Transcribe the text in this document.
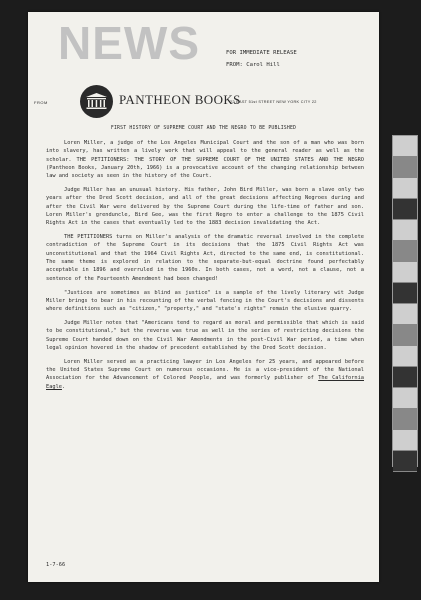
NEWS	FOR IMMEDIATE RELEASE
FROM: Carol Hill
FROM	PANTHEON BOOKS
22 EAST 51st STREET NEW YORK CITY 22
FIRST HISTORY OF SUPREME COURT AND THE NEGRO TO BE PUBLISHED

Loren Miller, a judge of the Los Angeles Municipal Court and the son of a man who was born into slavery, has written a lively work that will appeal to the general reader as well as the scholar. THE PETITIONERS: THE STORY OF THE SUPREME COURT OF THE UNITED STATES AND THE NEGRO (Pantheon Books, January 20th, 1966) is a provocative account of the changing relationship between law and society as seen in the history of the Court.

Judge Miller has an unusual history. His father, John Bird Miller, was born a slave only two years after the Dred Scott decision, and all of the great decisions affecting Negroes during and after the Civil War were delivered by the Supreme Court during the life-time of father and son. Loren Miller's grenduncle, Bird Gee, was the first Negro to enter a challenge to the 1875 Civil Rights Act in the cases that eventually led to the 1883 decision invalidating the Act.

THE PETITIONERS turns on Miller's analysis of the dramatic reversal involved in the complete contradiction of the Supreme Court in its decisions that the 1875 Civil Rights Act was unconstitutional and that the 1964 Civil Rights Act, directed to the same end, is constitutional. The same theme is explored in relation to the separate-but-equal doctrine found perfectably acceptable in 1896 and overruled in the 1960s. In both cases, not a word, not a clause, not a sentence of the Fourteenth Amendment had been changed!

"Justices are sometimes as blind as justice" is a sample of the lively literary wit Judge Miller brings to bear in his recounting of the verbal fencing in the Court's decisions and dissents where definitions such as "citizen," "property," and "state's rights" remain the elusive quarry.

Judge Miller notes that "Americans tend to regard as moral and permissible that which is said to be constitutional," but the reverse was true as well in the series of restricting decisions the Supreme Court handed down on the Civil War Amendments in the post-Civil War period, a time when legal opinion hovered in the shadow of precedent established by the Dred Scott decision.

Loren Miller served as a practicing lawyer in Los Angeles for 25 years, and appeared before the United States Supreme Court on numerous occasions. He is a vice-president of the National Association for the Advancement of Colored People, and was formerly publisher of The California Eagle.

1-7-66
